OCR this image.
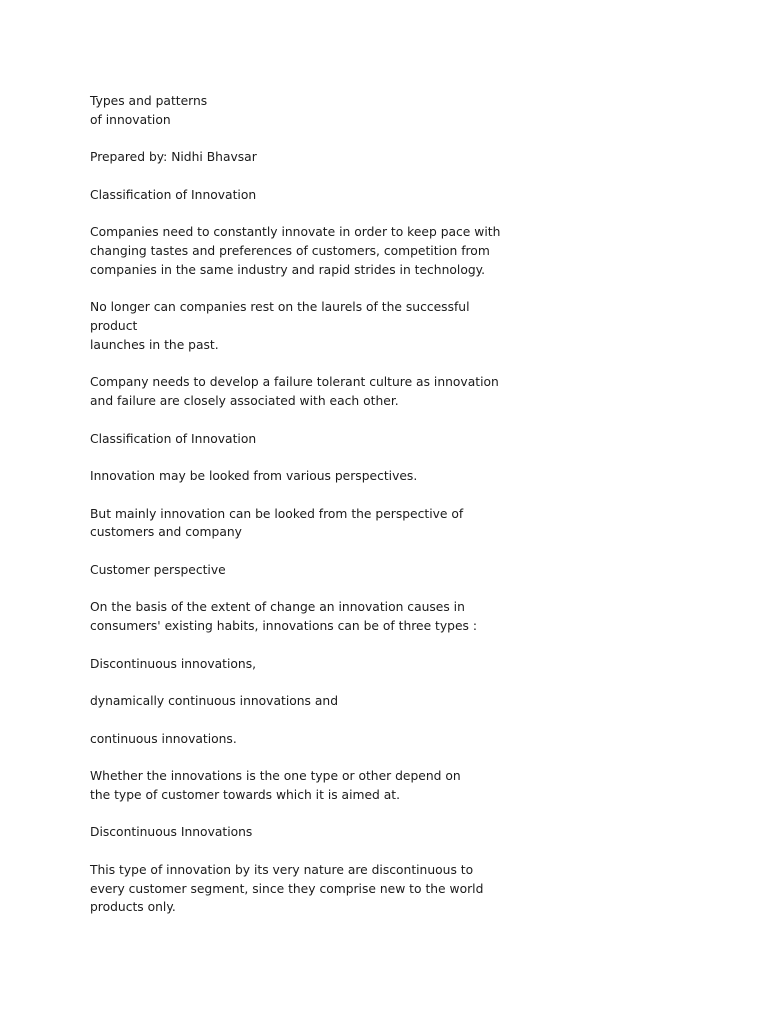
Types and patterns
of innovation

Prepared by: Nidhi Bhavsar

Classification of Innovation

Companies need to constantly innovate in order to keep pace with
changing tastes and preferences of customers, competition from
companies in the same industry and rapid strides in technology.

No longer can companies rest on the laurels of the successful product
launches in the past.

Company needs to develop a failure tolerant culture as innovation
and failure are closely associated with each other.

Classification of Innovation

Innovation may be looked from various perspectives.

But mainly innovation can be looked from the perspective of
customers and company

Customer perspective

On the basis of the extent of change an innovation causes in
consumers' existing habits, innovations can be of three types :

Discontinuous innovations,

dynamically continuous innovations and

continuous innovations.

Whether the innovations is the one type or other depend on
the type of customer towards which it is aimed at.

Discontinuous Innovations

This type of innovation by its very nature are discontinuous to
every customer segment, since they comprise new to the world
products only.
